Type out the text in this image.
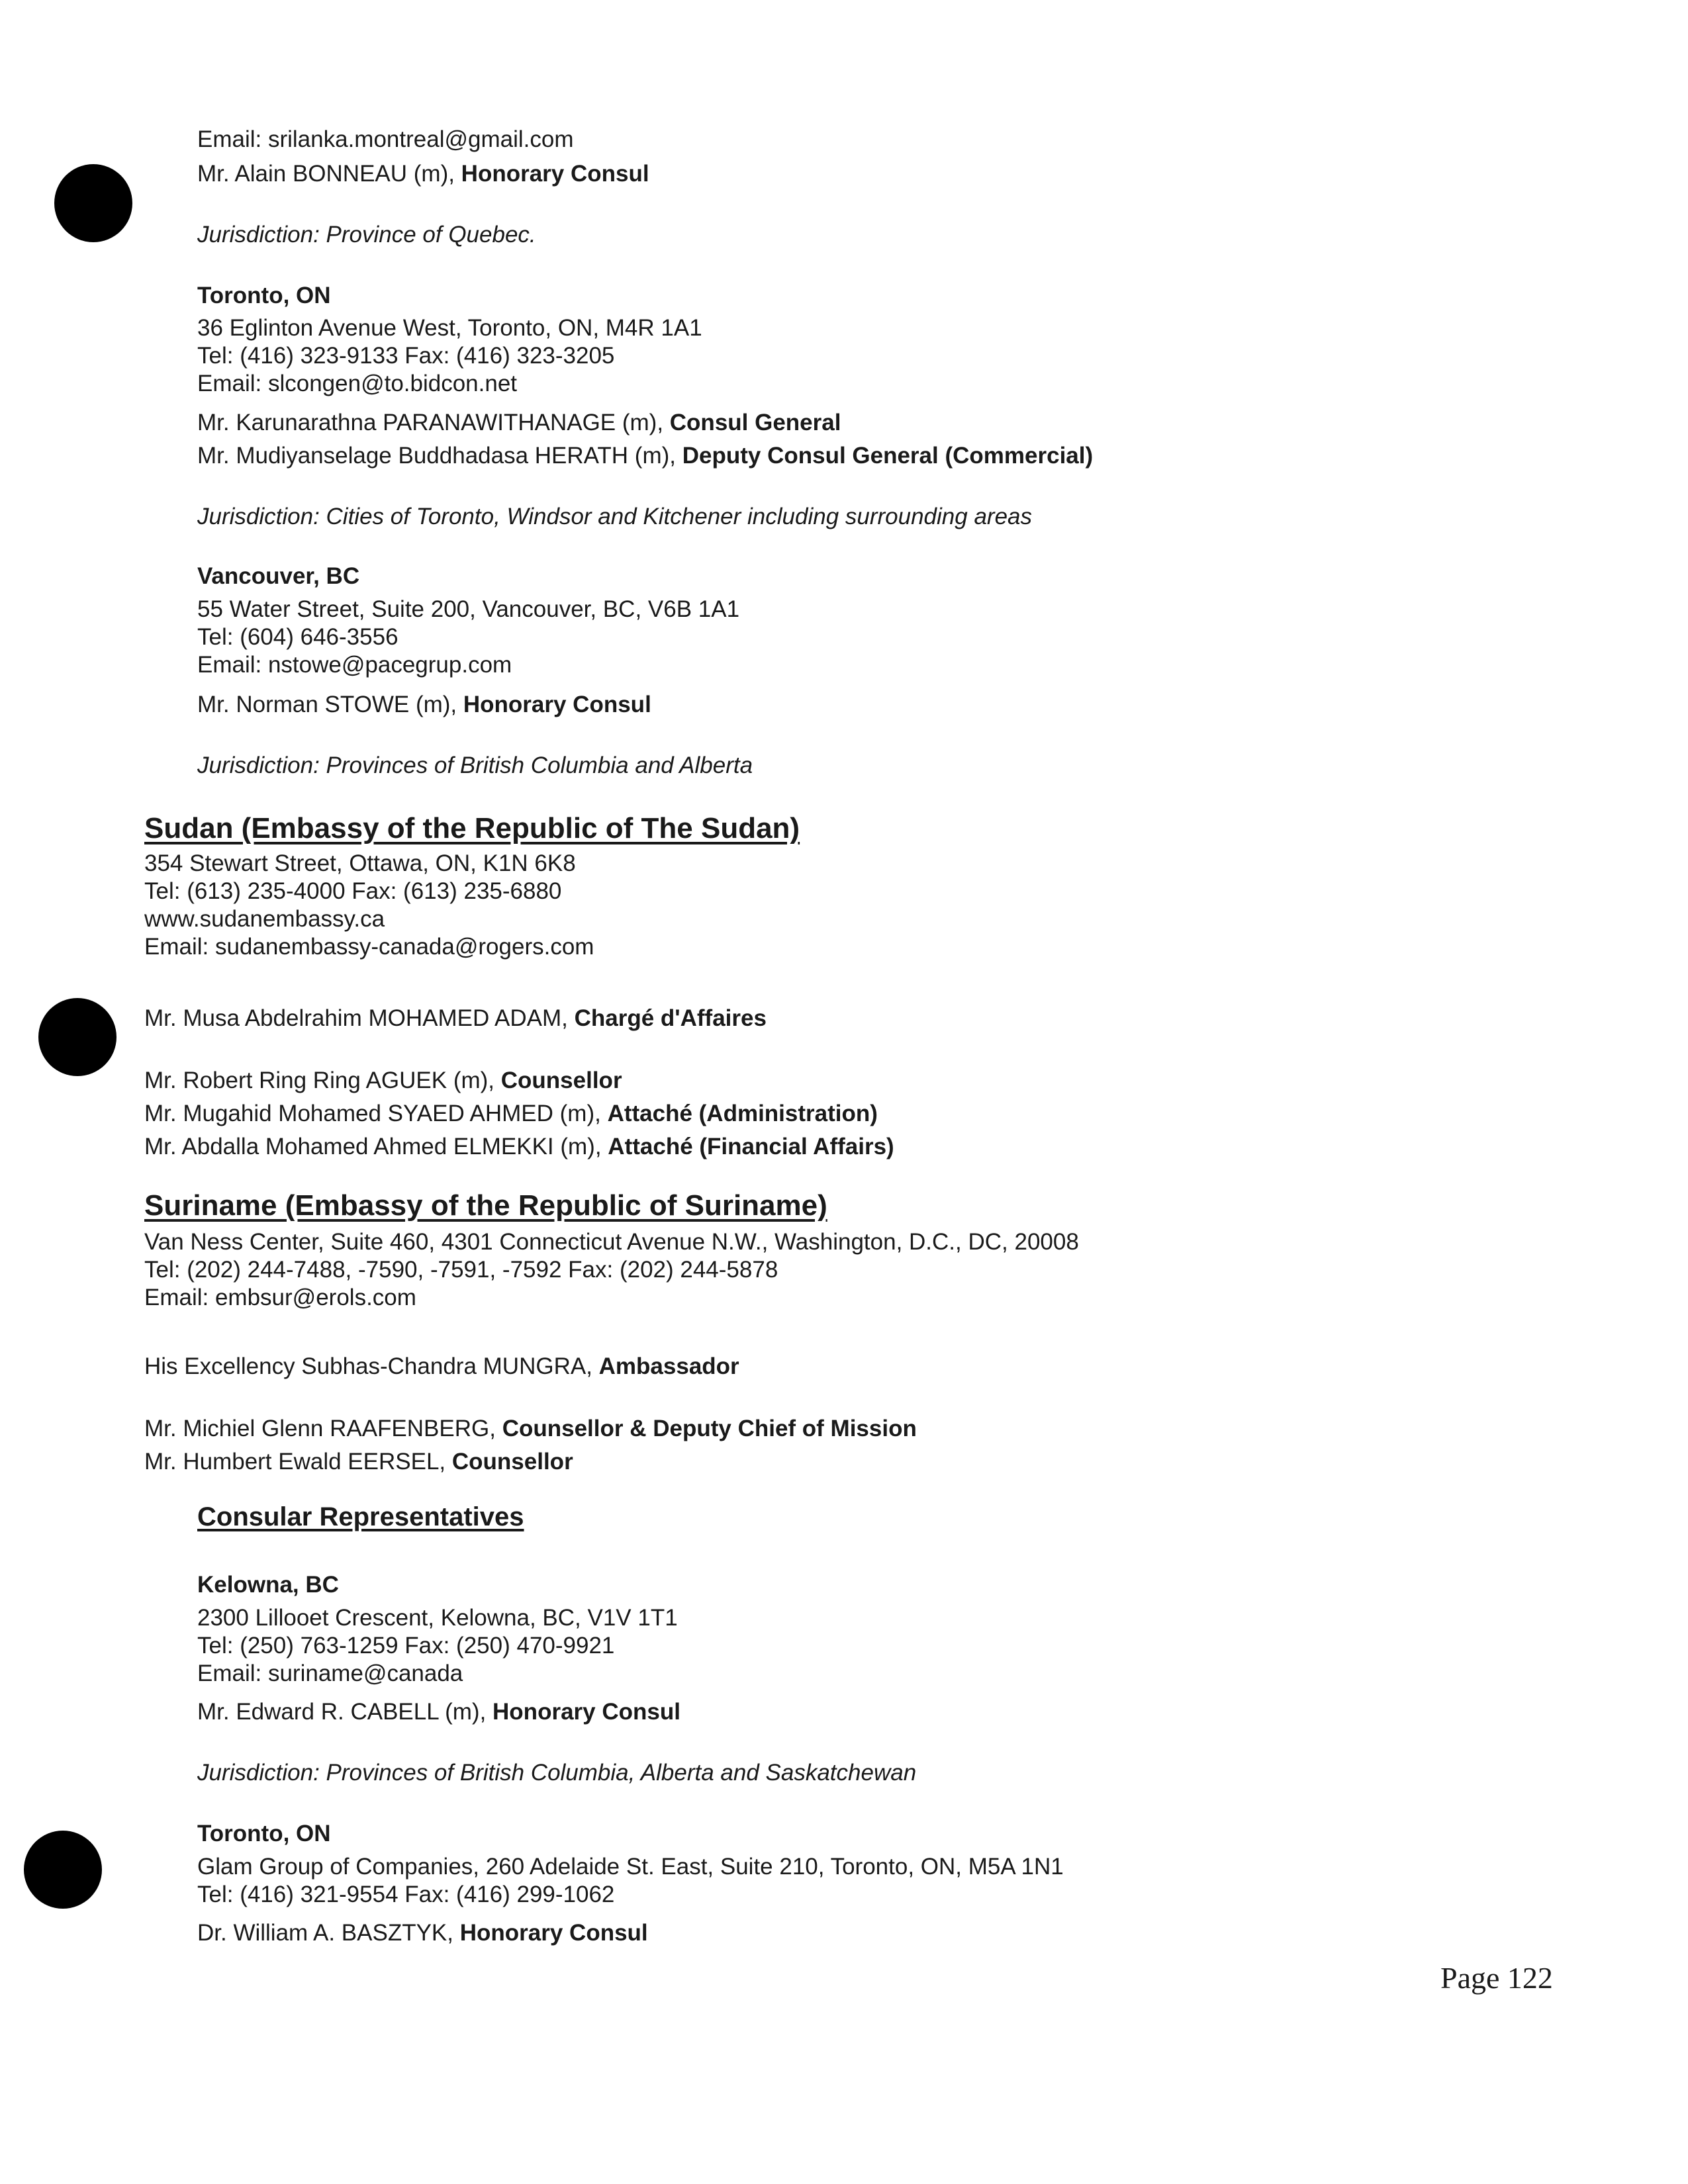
Email: srilanka.montreal@gmail.com
Mr. Alain BONNEAU (m), Honorary Consul
Jurisdiction: Province of Quebec.
Toronto, ON
36 Eglinton Avenue West, Toronto, ON, M4R 1A1
Tel: (416) 323-9133 Fax: (416) 323-3205
Email: slcongen@to.bidcon.net
Mr. Karunarathna PARANAWITHANAGE (m), Consul General
Mr. Mudiyanselage Buddhadasa HERATH (m), Deputy Consul General (Commercial)
Jurisdiction: Cities of Toronto, Windsor and Kitchener including surrounding areas
Vancouver, BC
55 Water Street, Suite 200, Vancouver, BC, V6B 1A1
Tel: (604) 646-3556
Email: nstowe@pacegrup.com
Mr. Norman STOWE (m), Honorary Consul
Jurisdiction: Provinces of British Columbia and Alberta
Sudan (Embassy of the Republic of The Sudan)
354 Stewart Street, Ottawa, ON, K1N 6K8
Tel: (613) 235-4000 Fax: (613) 235-6880
www.sudanembassy.ca
Email: sudanembassy-canada@rogers.com
Mr. Musa Abdelrahim MOHAMED ADAM, Chargé d'Affaires
Mr. Robert Ring Ring AGUEK (m), Counsellor
Mr. Mugahid Mohamed SYAED AHMED (m), Attaché (Administration)
Mr. Abdalla Mohamed Ahmed ELMEKKI (m), Attaché (Financial Affairs)
Suriname (Embassy of the Republic of Suriname)
Van Ness Center, Suite 460, 4301 Connecticut Avenue N.W., Washington, D.C., DC, 20008
Tel: (202) 244-7488, -7590, -7591, -7592 Fax: (202) 244-5878
Email: embsur@erols.com
His Excellency Subhas-Chandra MUNGRA, Ambassador
Mr. Michiel Glenn RAAFENBERG, Counsellor & Deputy Chief of Mission
Mr. Humbert Ewald EERSEL, Counsellor
Consular Representatives
Kelowna, BC
2300 Lillooet Crescent, Kelowna, BC, V1V 1T1
Tel: (250) 763-1259 Fax: (250) 470-9921
Email: suriname@canada
Mr. Edward R. CABELL (m), Honorary Consul
Jurisdiction: Provinces of British Columbia, Alberta and Saskatchewan
Toronto, ON
Glam Group of Companies, 260 Adelaide St. East, Suite 210, Toronto, ON, M5A 1N1
Tel: (416) 321-9554 Fax: (416) 299-1062
Dr. William A. BASZTYK, Honorary Consul
Page 122
